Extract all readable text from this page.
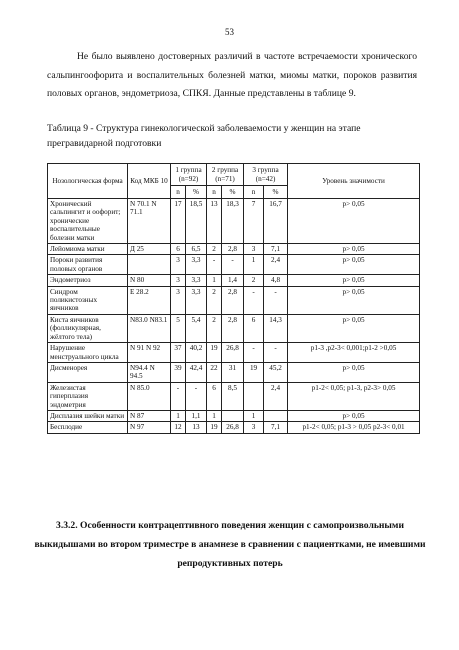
53

Не было выявлено достоверных различий в частоте встречаемости хронического сальпингоофорита и воспалительных болезней матки, миомы матки, пороков развития половых органов, эндометриоза, СПКЯ. Данные представлены в таблице 9.

Таблица 9 - Структура гинекологической заболеваемости у женщин на этапе
прегравидарной подготовки

Нозологическая форма	Код МКБ 10	1 группа (n=92)		2 группа (n=71)		3 группа (n=42)		Уровень значимости
		n	%	n	%	n	%	
Хронический сальпингит и оофорит; хронические воспалительные болезни матки	N 70.1 N 71.1	17	18,5	13	18,3	7	16,7	p> 0,05
Лейомиома матки	Д 25	6	6,5	2	2,8	3	7,1	p> 0,05
Пороки развития половых органов		3	3,3	-	-	1	2,4	p> 0,05
Эндометриоз	N 80	3	3,3	1	1,4	2	4,8	p> 0,05
Синдром поликистозных яичников	E 28.2	3	3,3	2	2,8	-	-	p> 0,05
Киста яичников (фолликулярная, жёлтого тела)	N83.0 N83.1	5	5,4	2	2,8	6	14,3	p> 0,05
Нарушение менструального цикла	N 91 N 92	37	40,2	19	26,8	-	-	p1-3 ,p2-3< 0,001;p1-2 >0,05
Дисменорея	N94.4 N 94.5	39	42,4	22	31	19	45,2	p> 0,05
Железистая гиперплазия эндометрия	N 85.0	-	-	6	8,5		2,4	p1-2< 0,05; p1-3, p2-3> 0,05
Дисплазия шейки матки	N 87	1	1,1	1		1		p> 0,05
Бесплодие	N 97	12	13	19	26,8	3	7,1	p1-2< 0,05; p1-3 > 0,05 p2-3< 0,01

3.3.2. Особенности контрацептивного поведения женщин с самопроизвольными выкидышами во втором триместре в анамнезе в сравнении с пациентками, не имевшими репродуктивных потерь
